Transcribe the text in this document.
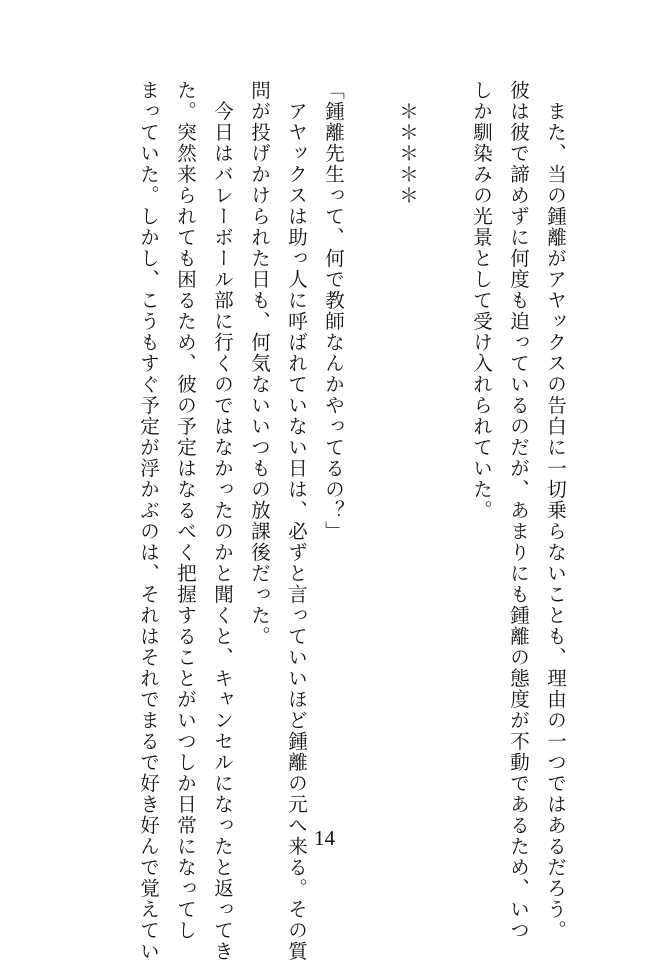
　また、当の鍾離がアヤックスの告白に一切乗らないことも、理由の一つではあるだろう。
彼は彼で諦めずに何度も迫っているのだが、あまりにも鍾離の態度が不動であるため、いつ
しか馴染みの光景として受け入れられていた。

　＊＊＊＊＊

「鍾離先生って、何で教師なんかやってるの？」
　アヤックスは助っ人に呼ばれていない日は、必ずと言っていいほど鍾離の元へ来る。その質
問が投げかけられた日も、何気ないいつもの放課後だった。
　今日はバレーボール部に行くのではなかったのかと聞くと、キャンセルになったと返ってき
た。突然来られても困るため、彼の予定はなるべく把握することがいつしか日常になってし
まっていた。しかし、こうもすぐ予定が浮かぶのは、それはそれでまるで好き好んで覚えてい	14
